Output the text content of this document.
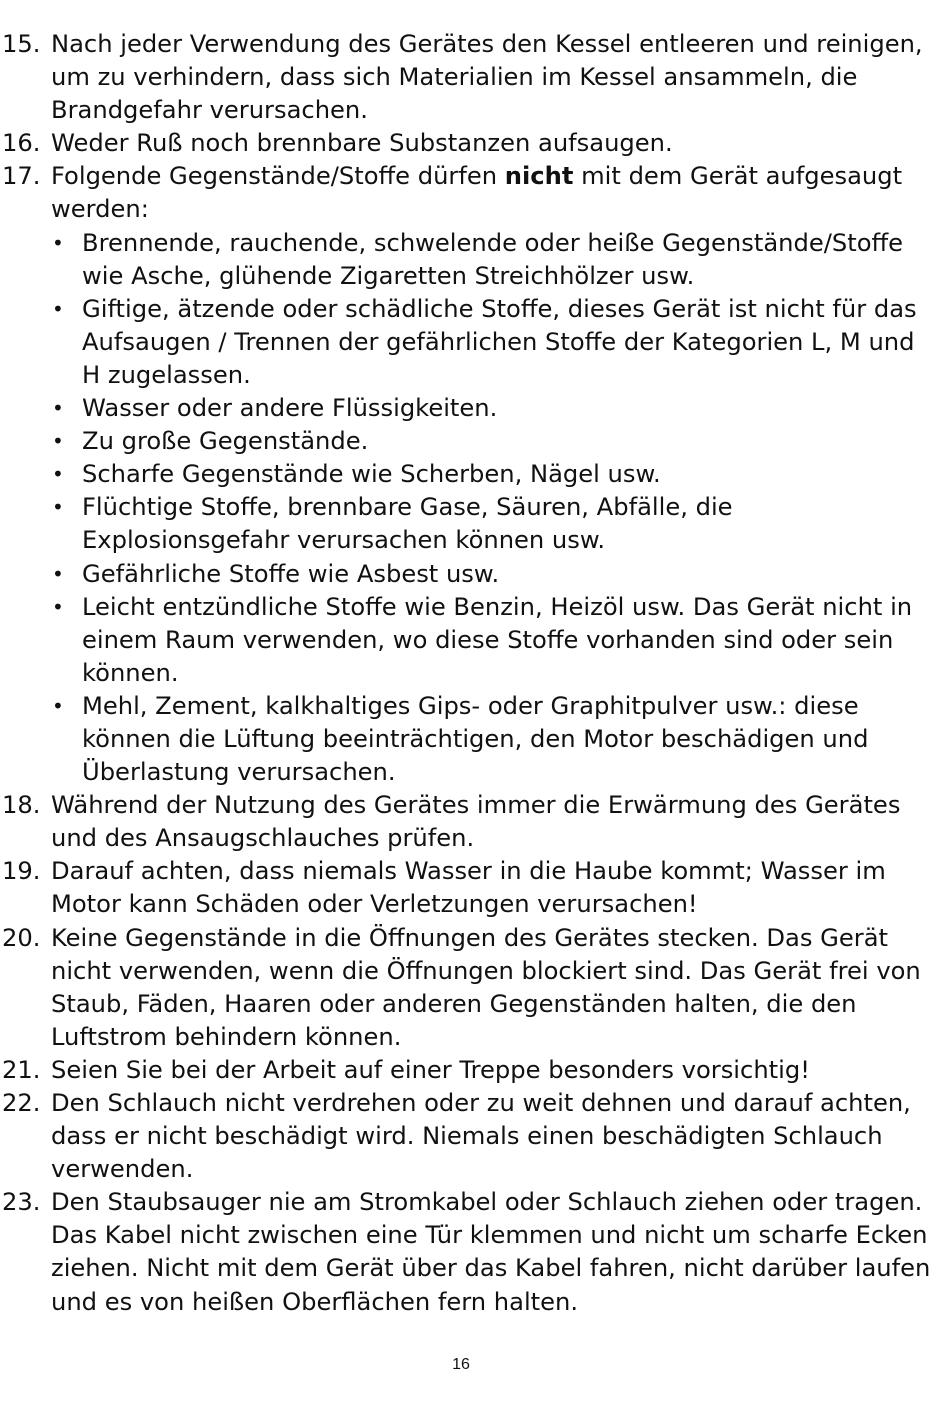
15. Nach jeder Verwendung des Gerätes den Kessel entleeren und reinigen, um zu verhindern, dass sich Materialien im Kessel ansammeln, die Brandgefahr verursachen.
16. Weder Ruß noch brennbare Substanzen aufsaugen.
17. Folgende Gegenstände/Stoffe dürfen nicht mit dem Gerät aufgesaugt werden:
• Brennende, rauchende, schwelende oder heiße Gegenstände/Stoffe wie Asche, glühende Zigaretten Streichhölzer usw.
• Giftige, ätzende oder schädliche Stoffe, dieses Gerät ist nicht für das Aufsaugen / Trennen der gefährlichen Stoffe der Kategorien L, M und H zugelassen.
• Wasser oder andere Flüssigkeiten.
• Zu große Gegenstände.
• Scharfe Gegenstände wie Scherben, Nägel usw.
• Flüchtige Stoffe, brennbare Gase, Säuren, Abfälle, die Explosionsgefahr verursachen können usw.
• Gefährliche Stoffe wie Asbest usw.
• Leicht entzündliche Stoffe wie Benzin, Heizöl usw. Das Gerät nicht in einem Raum verwenden, wo diese Stoffe vorhanden sind oder sein können.
• Mehl, Zement, kalkhaltiges Gips- oder Graphitpulver usw.: diese können die Lüftung beeinträchtigen, den Motor beschädigen und Überlastung verursachen.
18. Während der Nutzung des Gerätes immer die Erwärmung des Gerätes und des Ansaugschlauches prüfen.
19. Darauf achten, dass niemals Wasser in die Haube kommt; Wasser im Motor kann Schäden oder Verletzungen verursachen!
20. Keine Gegenstände in die Öffnungen des Gerätes stecken. Das Gerät nicht verwenden, wenn die Öffnungen blockiert sind. Das Gerät frei von Staub, Fäden, Haaren oder anderen Gegenständen halten, die den Luftstrom behindern können.
21. Seien Sie bei der Arbeit auf einer Treppe besonders vorsichtig!
22. Den Schlauch nicht verdrehen oder zu weit dehnen und darauf achten, dass er nicht beschädigt wird. Niemals einen beschädigten Schlauch verwenden.
23. Den Staubsauger nie am Stromkabel oder Schlauch ziehen oder tragen. Das Kabel nicht zwischen eine Tür klemmen und nicht um scharfe Ecken ziehen. Nicht mit dem Gerät über das Kabel fahren, nicht darüber laufen und es von heißen Oberflächen fern halten.
16
